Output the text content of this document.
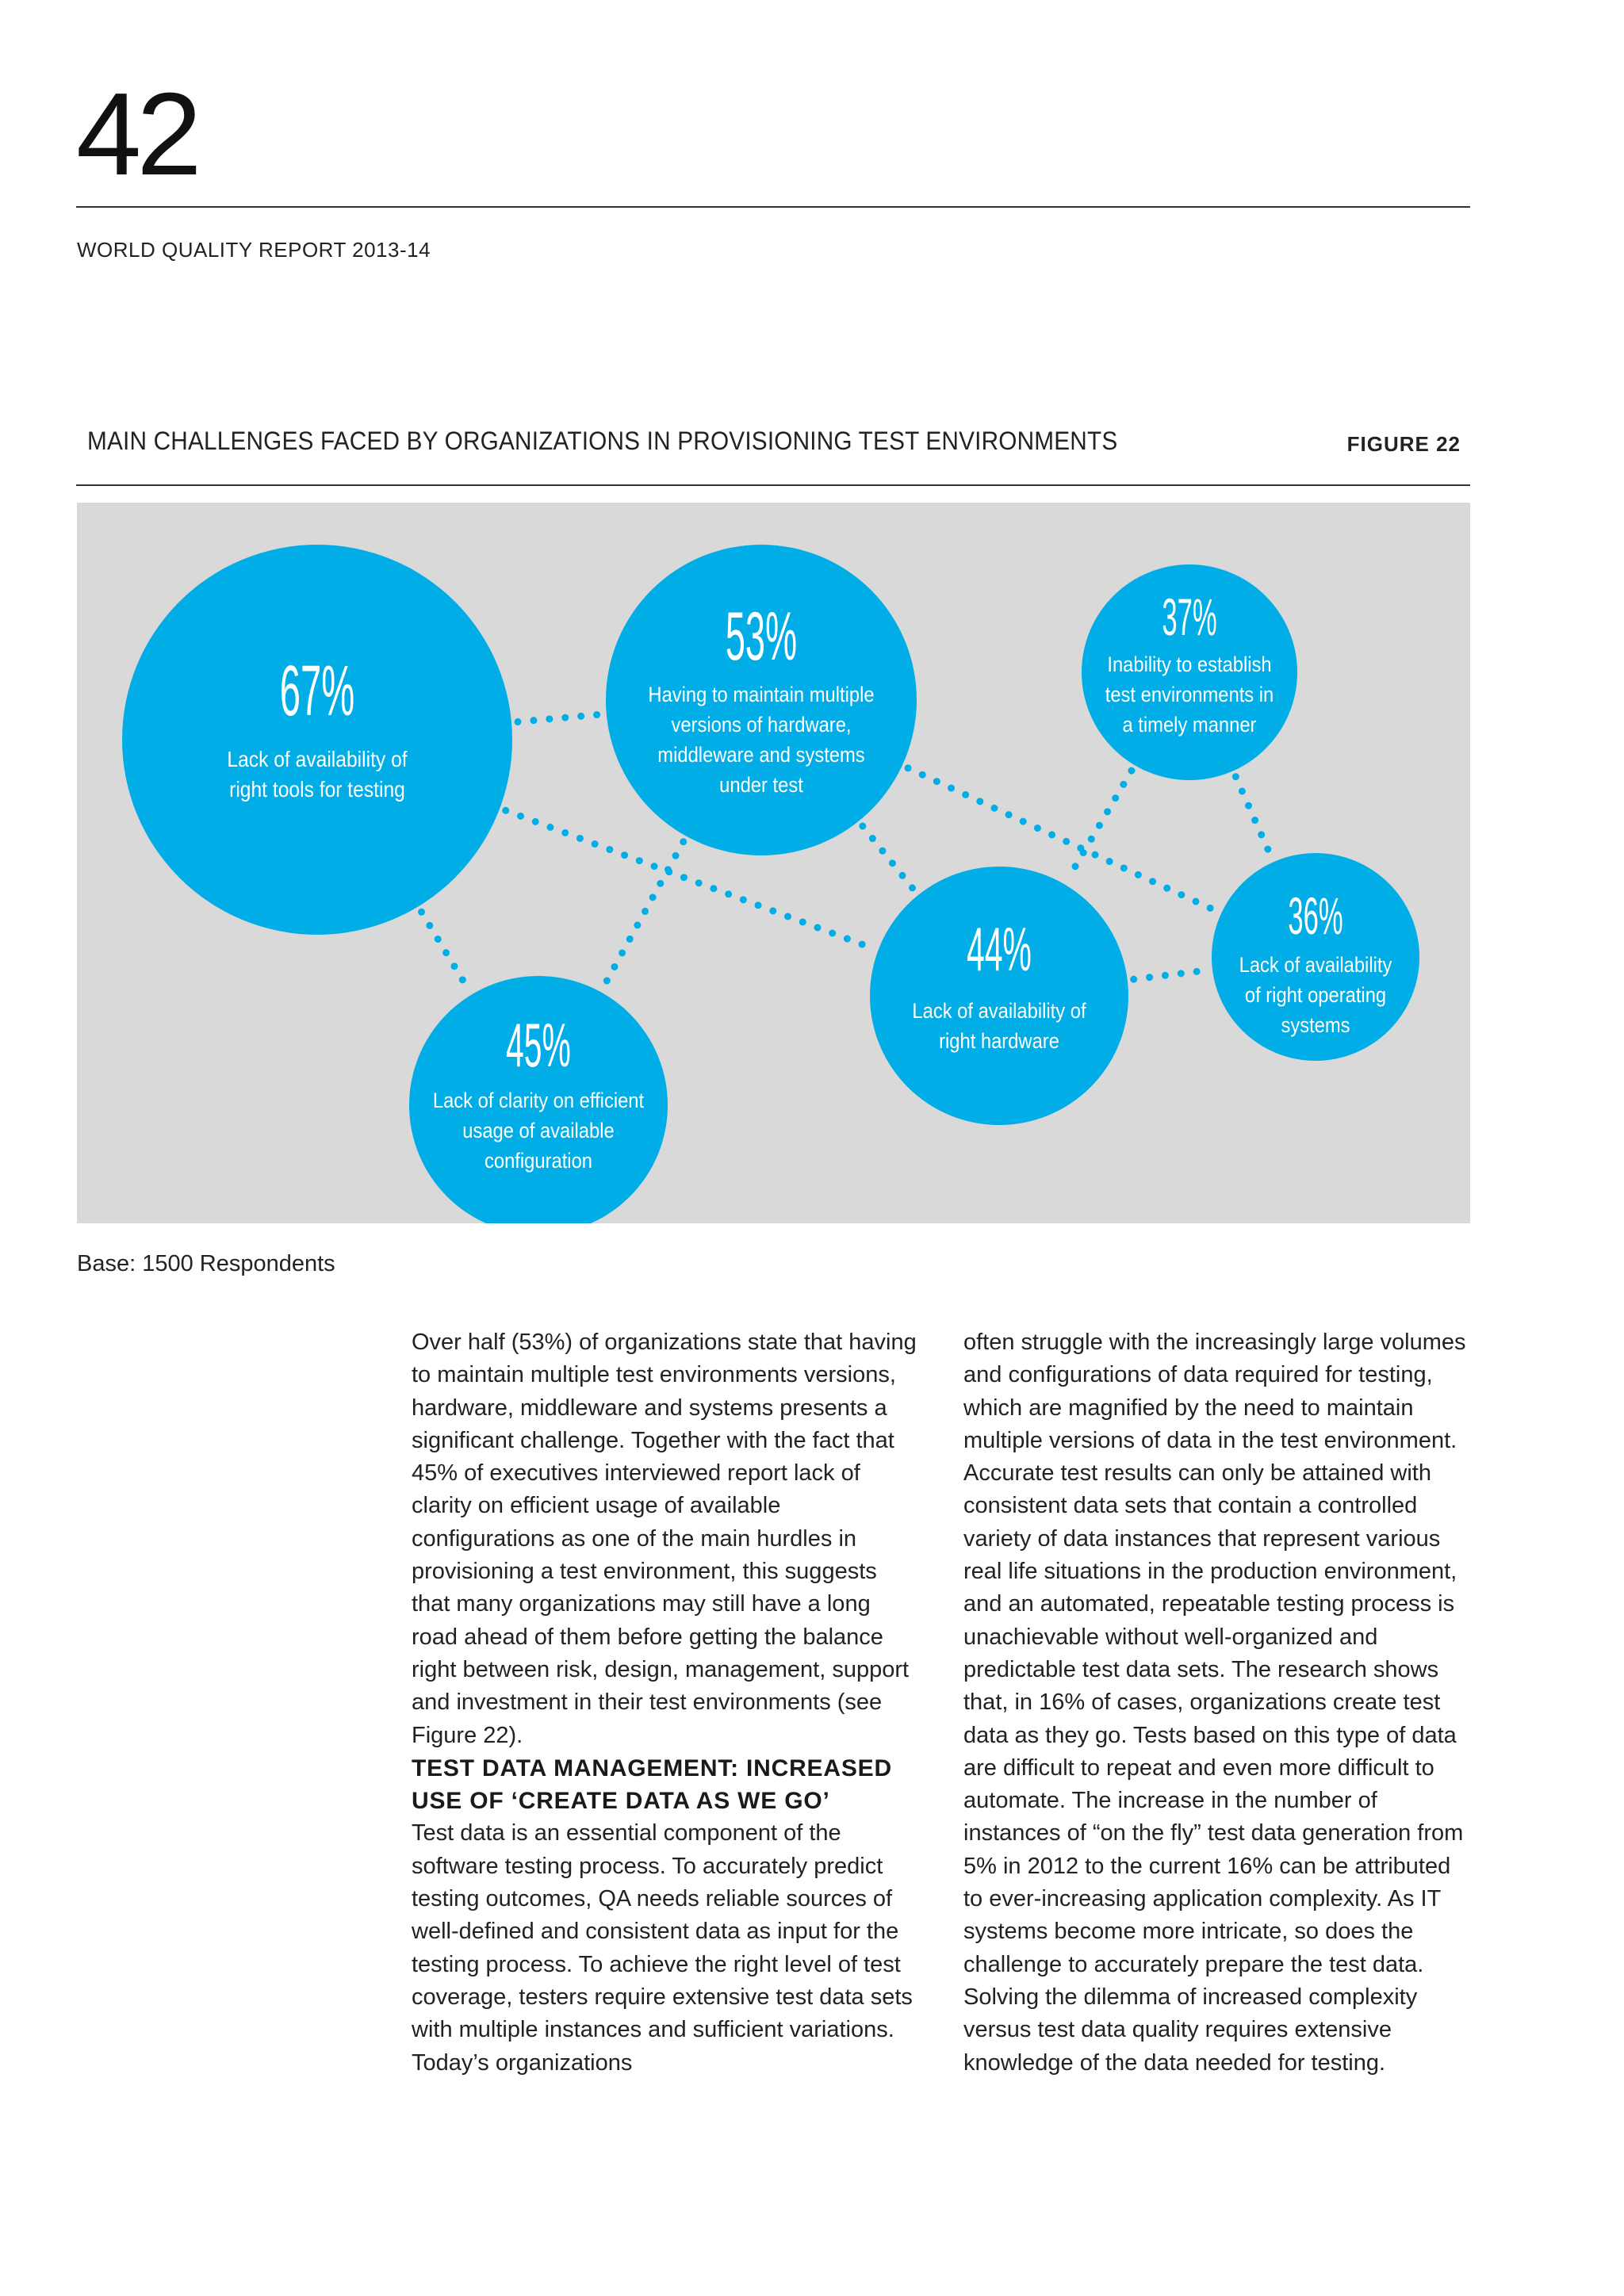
42
WORLD QUALITY REPORT 2013-14
MAIN CHALLENGES FACED BY ORGANIZATIONS IN PROVISIONING TEST ENVIRONMENTS	FIGURE 22
67%
Lack of availability of
right tools for testing
53%
Having to maintain multiple
versions of hardware,
middleware and systems
under test
37%
Inability to establish
test environments in
a timely manner
45%
Lack of clarity on efficient
usage of available
configuration
44%
Lack of availability of
right hardware
36%
Lack of availability
of right operating
systems
Base: 1500 Respondents

Over half (53%) of organizations state that having to maintain multiple test environments versions, hardware, middleware and systems presents a significant challenge. Together with the fact that 45% of executives interviewed report lack of clarity on efficient usage of available configurations as one of the main hurdles in provisioning a test environment, this suggests that many organizations may still have a long road ahead of them before getting the balance right between risk, design, management, support and investment in their test environments (see Figure 22).

TEST DATA MANAGEMENT: INCREASED USE OF ‘CREATE DATA AS WE GO’

Test data is an essential component of the software testing process. To accurately predict testing outcomes, QA needs reliable sources of well-defined and consistent data as input for the testing process. To achieve the right level of test coverage, testers require extensive test data sets with multiple instances and sufficient variations. Today’s organizations

often struggle with the increasingly large volumes and configurations of data required for testing, which are magnified by the need to maintain multiple versions of data in the test environment. Accurate test results can only be attained with consistent data sets that contain a controlled variety of data instances that represent various real life situations in the production environment, and an automated, repeatable testing process is unachievable without well-organized and predictable test data sets. The research shows that, in 16% of cases, organizations create test data as they go. Tests based on this type of data are difficult to repeat and even more difficult to automate. The increase in the number of instances of “on the fly” test data generation from 5% in 2012 to the current 16% can be attributed to ever-increasing application complexity. As IT systems become more intricate, so does the challenge to accurately prepare the test data. Solving the dilemma of increased complexity versus test data quality requires extensive knowledge of the data needed for testing.
